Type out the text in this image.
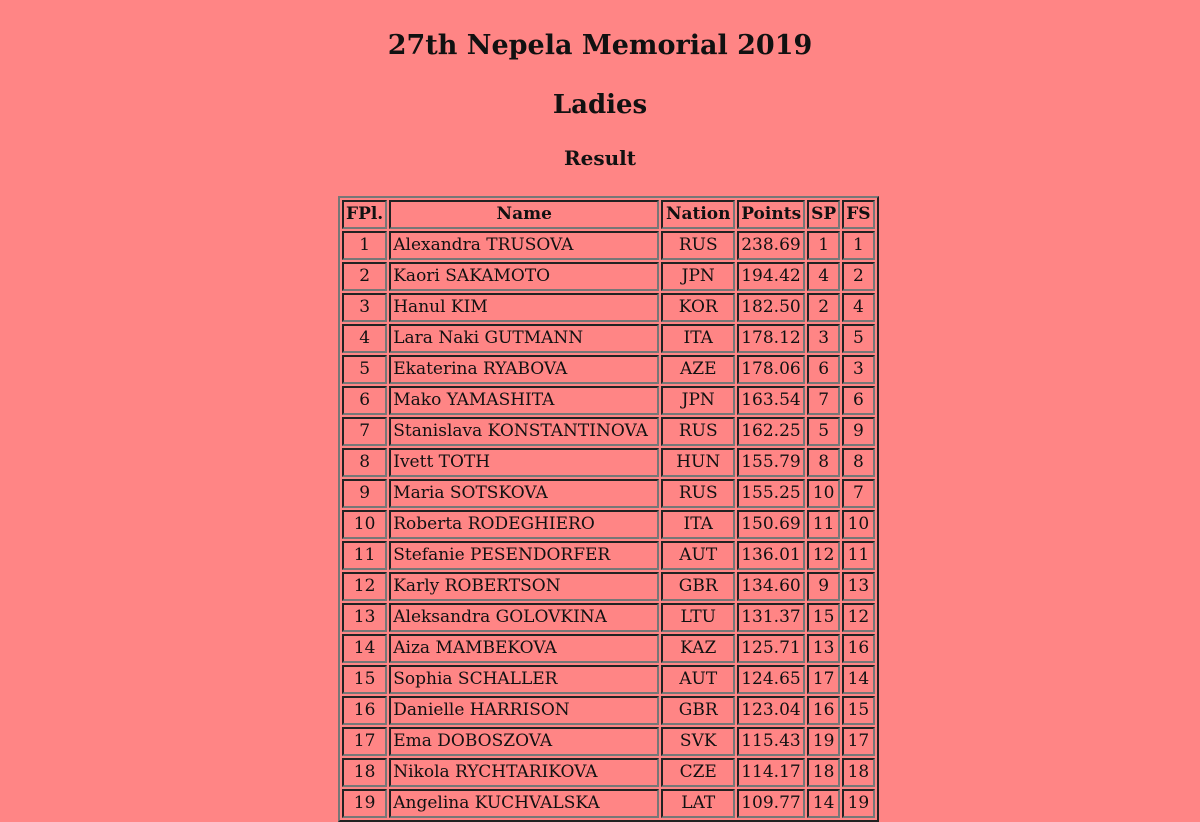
27th Nepela Memorial 2019
Ladies
Result
FPl.	Name	Nation	Points	SP	FS
1	Alexandra TRUSOVA	RUS	238.69	1	1
2	Kaori SAKAMOTO	JPN	194.42	4	2
3	Hanul KIM	KOR	182.50	2	4
4	Lara Naki GUTMANN	ITA	178.12	3	5
5	Ekaterina RYABOVA	AZE	178.06	6	3
6	Mako YAMASHITA	JPN	163.54	7	6
7	Stanislava KONSTANTINOVA	RUS	162.25	5	9
8	Ivett TOTH	HUN	155.79	8	8
9	Maria SOTSKOVA	RUS	155.25	10	7
10	Roberta RODEGHIERO	ITA	150.69	11	10
11	Stefanie PESENDORFER	AUT	136.01	12	11
12	Karly ROBERTSON	GBR	134.60	9	13
13	Aleksandra GOLOVKINA	LTU	131.37	15	12
14	Aiza MAMBEKOVA	KAZ	125.71	13	16
15	Sophia SCHALLER	AUT	124.65	17	14
16	Danielle HARRISON	GBR	123.04	16	15
17	Ema DOBOSZOVA	SVK	115.43	19	17
18	Nikola RYCHTARIKOVA	CZE	114.17	18	18
19	Angelina KUCHVALSKA	LAT	109.77	14	19
